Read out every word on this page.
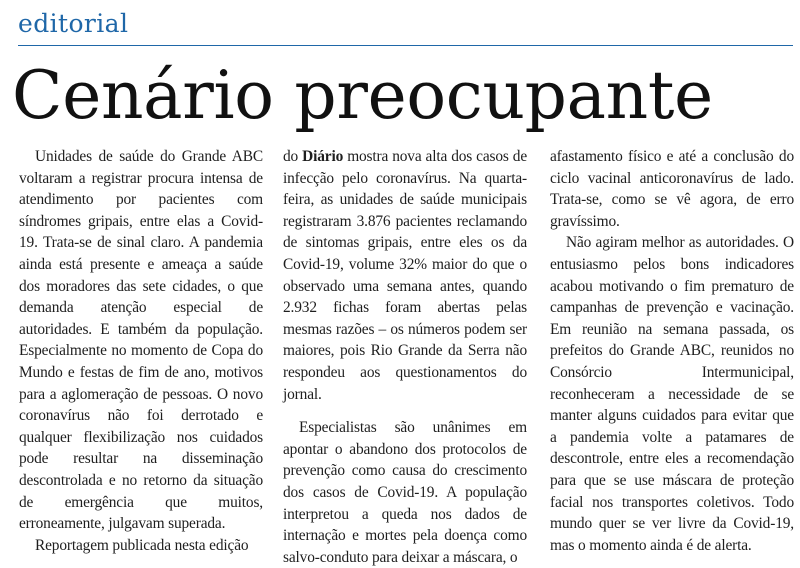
editorial
Cenário preocupante

Unidades de saúde do Grande ABC voltaram a registrar procura intensa de atendimento por pacientes com síndromes gripais, entre elas a Covid-19. Trata-se de sinal claro. A pandemia ainda está presente e ameaça a saúde dos moradores das sete cidades, o que demanda atenção especial de autoridades. E também da população. Especialmente no momento de Copa do Mundo e festas de fim de ano, motivos para a aglomeração de pessoas. O novo coronavírus não foi derrotado e qualquer flexibilização nos cuidados pode resultar na disseminação descontrolada e no retorno da situação de emergência que muitos, erroneamente, julgavam superada.

Reportagem publicada nesta edição

do Diário mostra nova alta dos casos de infecção pelo coronavírus. Na quarta-feira, as unidades de saúde municipais registraram 3.876 pacientes reclamando de sintomas gripais, entre eles os da Covid-19, volume 32% maior do que o observado uma semana antes, quando 2.932 fichas foram abertas pelas mesmas razões – os números podem ser maiores, pois Rio Grande da Serra não respondeu aos questionamentos do jornal.

Especialistas são unânimes em apontar o abandono dos protocolos de prevenção como causa do crescimento dos casos de Covid-19. A população interpretou a queda nos dados de internação e mortes pela doença como salvo-conduto para deixar a máscara, o

afastamento físico e até a conclusão do ciclo vacinal anticoronavírus de lado. Trata-se, como se vê agora, de erro gravíssimo.

Não agiram melhor as autoridades. O entusiasmo pelos bons indicadores acabou motivando o fim prematuro de campanhas de prevenção e vacinação. Em reunião na semana passada, os prefeitos do Grande ABC, reunidos no Consórcio Intermunicipal, reconheceram a necessidade de se manter alguns cuidados para evitar que a pandemia volte a patamares de descontrole, entre eles a recomendação para que se use máscara de proteção facial nos transportes coletivos. Todo mundo quer se ver livre da Covid-19, mas o momento ainda é de alerta.
